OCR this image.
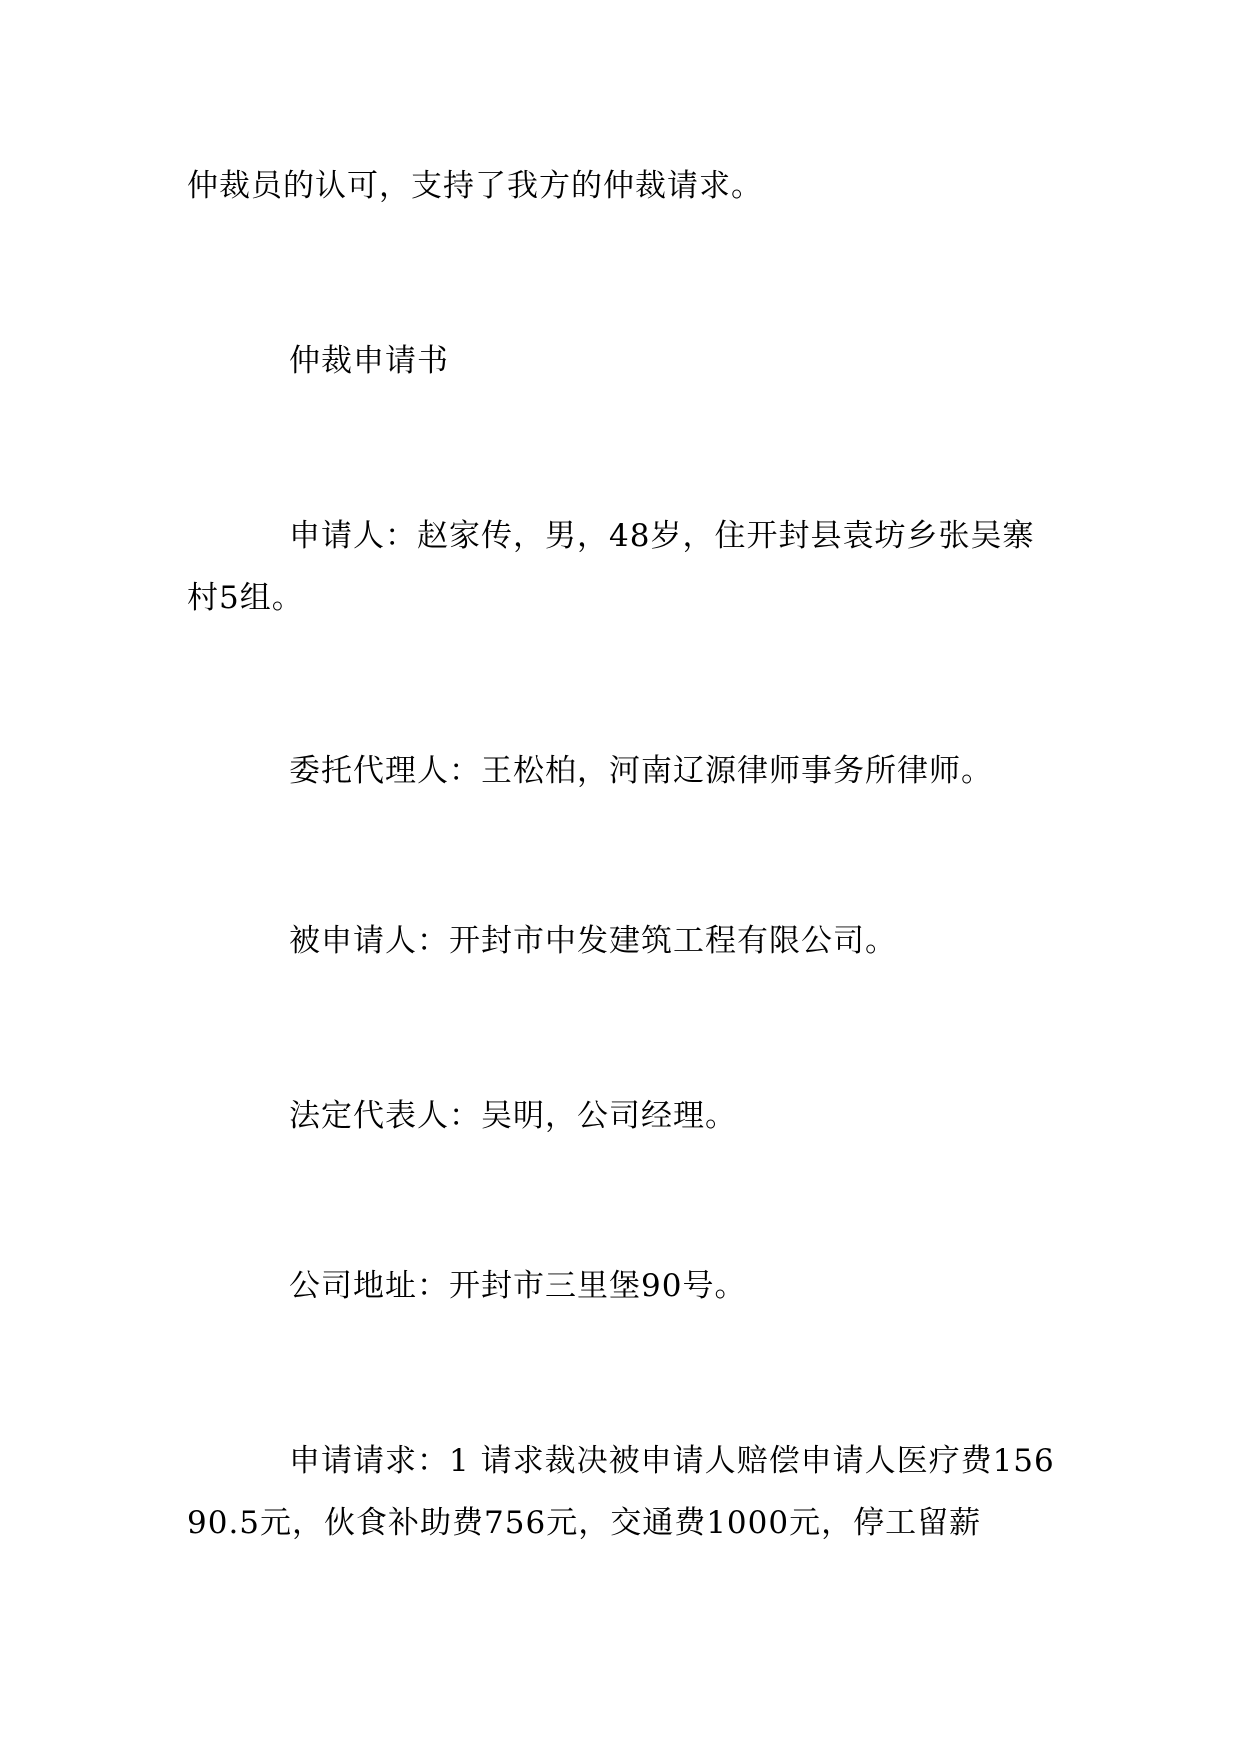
仲裁员的认可，支持了我方的仲裁请求。

仲裁申请书

申请人：赵家传，男，48岁，住开封县袁坊乡张吴寨村5组。

委托代理人：王松柏，河南辽源律师事务所律师。

被申请人：开封市中发建筑工程有限公司。

法定代表人：吴明，公司经理。

公司地址：开封市三里堡90号。

申请请求：1 请求裁决被申请人赔偿申请人医疗费15690.5元，伙食补助费756元，交通费1000元，停工留薪
